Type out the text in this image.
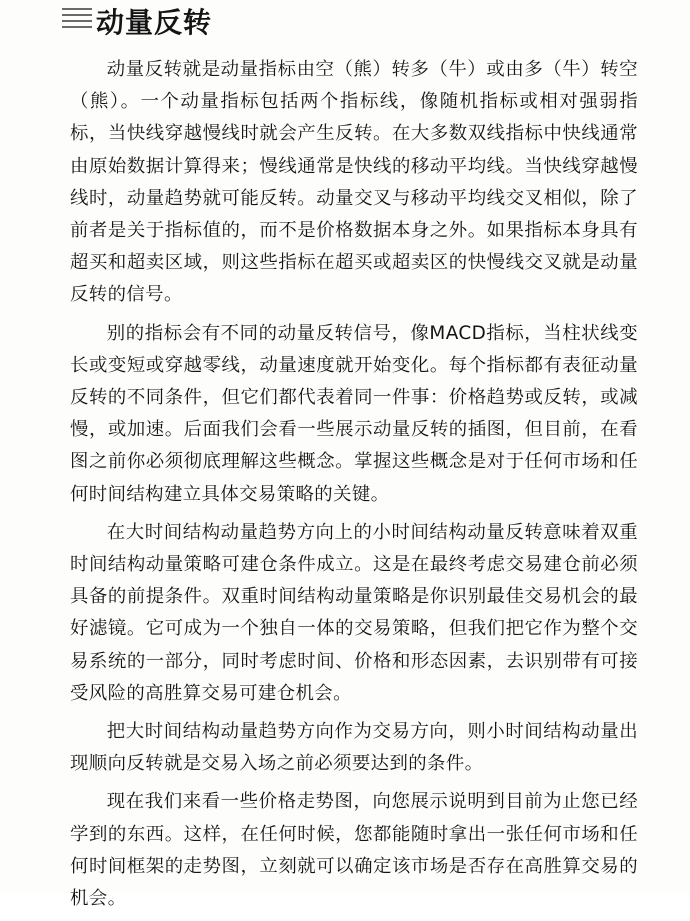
动量反转

动量反转就是动量指标由空（熊）转多（牛）或由多（牛）转空（熊）。一个动量指标包括两个指标线，像随机指标或相对强弱指标，当快线穿越慢线时就会产生反转。在大多数双线指标中快线通常由原始数据计算得来；慢线通常是快线的移动平均线。当快线穿越慢线时，动量趋势就可能反转。动量交叉与移动平均线交叉相似，除了前者是关于指标值的，而不是价格数据本身之外。如果指标本身具有超买和超卖区域，则这些指标在超买或超卖区的快慢线交叉就是动量反转的信号。

别的指标会有不同的动量反转信号，像MACD指标，当柱状线变长或变短或穿越零线，动量速度就开始变化。每个指标都有表征动量反转的不同条件，但它们都代表着同一件事：价格趋势或反转，或减慢，或加速。后面我们会看一些展示动量反转的插图，但目前，在看图之前你必须彻底理解这些概念。掌握这些概念是对于任何市场和任何时间结构建立具体交易策略的关键。

在大时间结构动量趋势方向上的小时间结构动量反转意味着双重时间结构动量策略可建仓条件成立。这是在最终考虑交易建仓前必须具备的前提条件。双重时间结构动量策略是你识别最佳交易机会的最好滤镜。它可成为一个独自一体的交易策略，但我们把它作为整个交易系统的一部分，同时考虑时间、价格和形态因素，去识别带有可接受风险的高胜算交易可建仓机会。

把大时间结构动量趋势方向作为交易方向，则小时间结构动量出现顺向反转就是交易入场之前必须要达到的条件。

现在我们来看一些价格走势图，向您展示说明到目前为止您已经学到的东西。这样，在任何时候，您都能随时拿出一张任何市场和任何时间框架的走势图，立刻就可以确定该市场是否存在高胜算交易的机会。
